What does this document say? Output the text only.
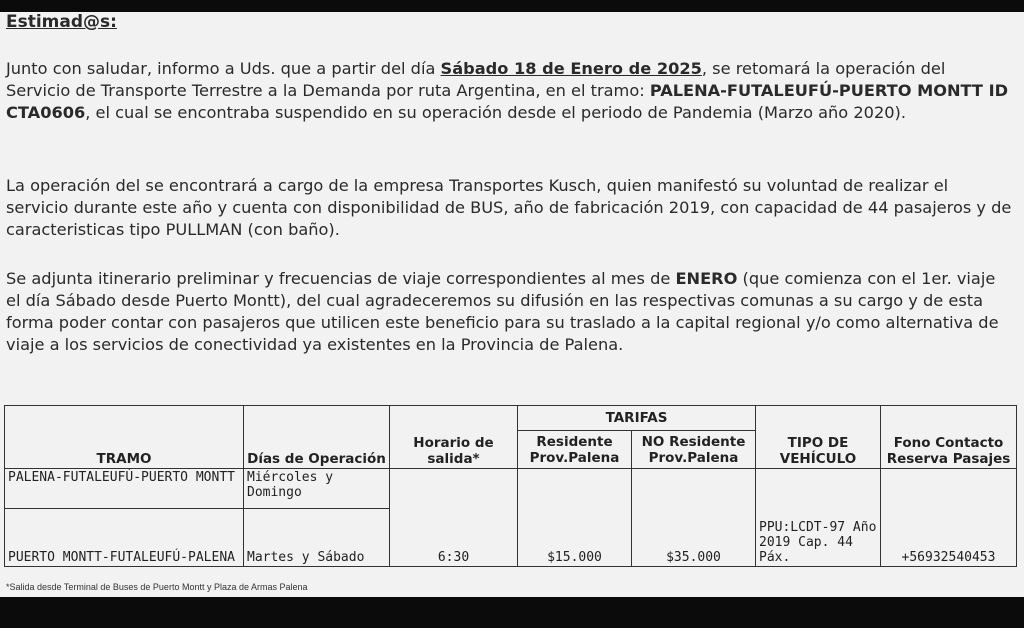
Estimad@s:

Junto con saludar, informo a Uds. que a partir del día Sábado 18 de Enero de 2025, se retomará la operación del Servicio de Transporte Terrestre a la Demanda por ruta Argentina, en el tramo: PALENA-FUTALEUFÚ-PUERTO MONTT ID CTA0606, el cual se encontraba suspendido en su operación desde el periodo de Pandemia (Marzo año 2020).

La operación del se encontrará a cargo de la empresa Transportes Kusch, quien manifestó su voluntad de realizar el servicio durante este año y cuenta con disponibilidad de BUS, año de fabricación 2019, con capacidad de 44 pasajeros y de caracteristicas tipo PULLMAN (con baño).

Se adjunta itinerario preliminar y frecuencias de viaje correspondientes al mes de ENERO (que comienza con el 1er. viaje el día Sábado desde Puerto Montt), del cual agradeceremos su difusión en las respectivas comunas a su cargo y de esta forma poder contar con pasajeros que utilicen este beneficio para su traslado a la capital regional y/o como alternativa de viaje a los servicios de conectividad ya existentes en la Provincia de Palena.

TRAMO	Días de Operación	Horario de salida*	TARIFAS		TIPO DE VEHÍCULO	Fono Contacto Reserva Pasajes
			Residente Prov.Palena	NO Residente Prov.Palena		
PALENA-FUTALEUFÚ-PUERTO MONTT	Miércoles y Domingo	6:30	$15.000	$35.000	PPU:LCDT-97 Año 2019 Cap. 44 Páx.	+56932540453
PUERTO MONTT-FUTALEUFÚ-PALENA	Martes y Sábado					
*Salida desde Terminal de Buses de Puerto Montt y Plaza de Armas Palena
